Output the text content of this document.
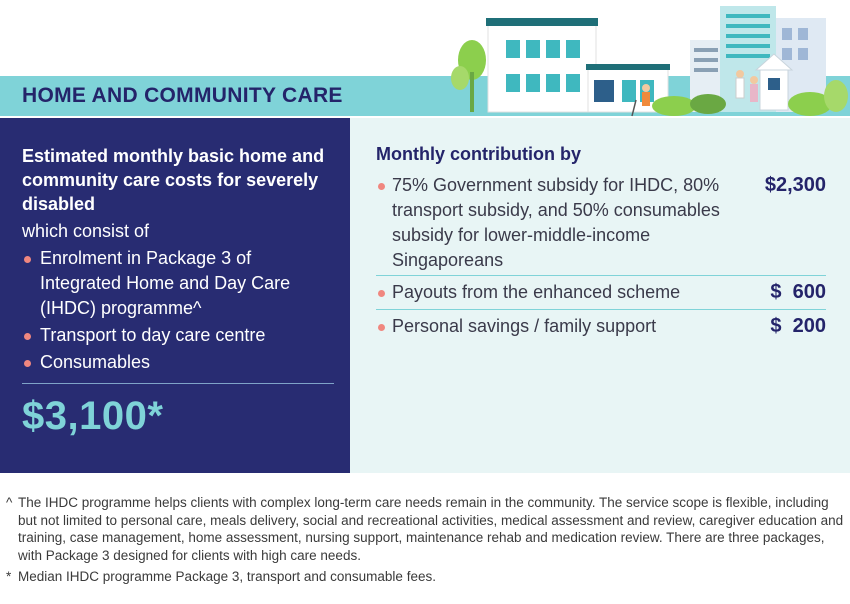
HOME AND COMMUNITY CARE
Estimated monthly basic home and community care costs for severely disabled
which consist of
Enrolment in Package 3 of Integrated Home and Day Care (IHDC) programme^
Transport to day care centre
Consumables
$3,100*
Monthly contribution by
75% Government subsidy for IHDC, 80% transport subsidy, and 50% consumables subsidy for lower-middle-income Singaporeans
$2,300
Payouts from the enhanced scheme	$  600
Personal savings / family support	$  200
^ The IHDC programme helps clients with complex long-term care needs remain in the community. The service scope is flexible, including but not limited to personal care, meals delivery, social and recreational activities, medical assessment and review, caregiver education and training, case management, home assessment, nursing support, maintenance rehab and medication review. There are three packages, with Package 3 designed for clients with high care needs.
* Median IHDC programme Package 3, transport and consumable fees.
